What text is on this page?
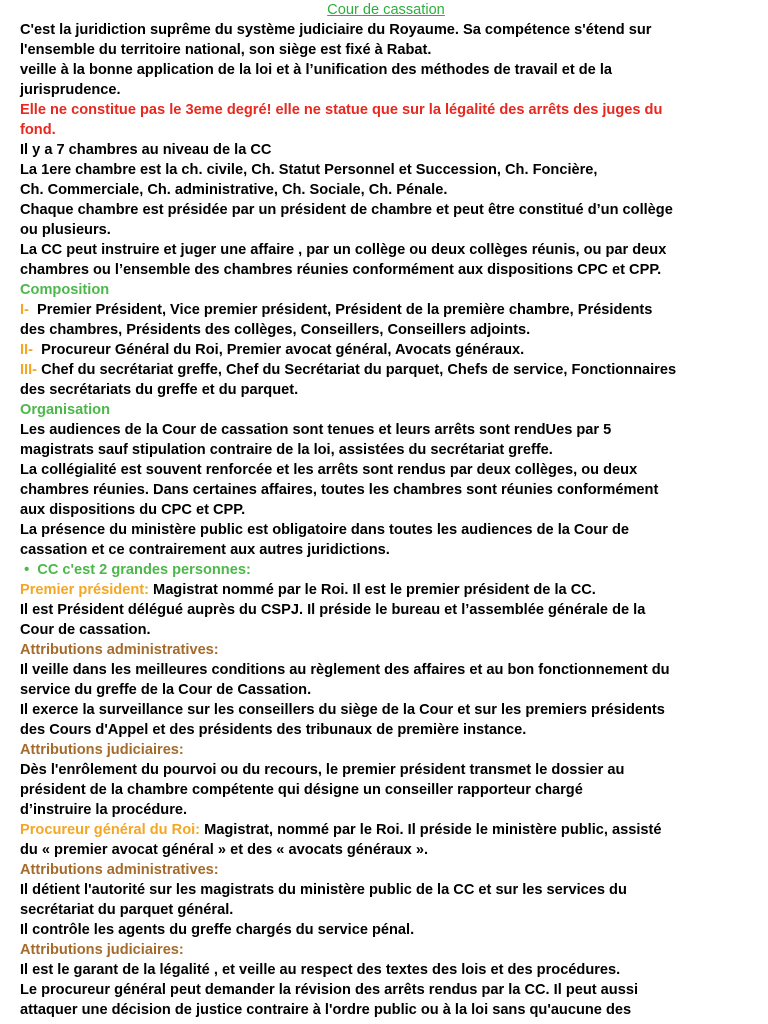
Cour de cassation
C'est la juridiction suprême du système judiciaire du Royaume. Sa compétence s'étend sur
l'ensemble du territoire national, son siège est fixé à Rabat.
veille à la bonne application de la loi et à l’unification des méthodes de travail et de la
jurisprudence.
Elle ne constitue pas le 3eme degré! elle ne statue que sur la légalité des arrêts des juges du
fond.
Il y a 7 chambres au niveau de la CC
La 1ere chambre est la ch. civile, Ch. Statut Personnel et Succession, Ch. Foncière,
Ch. Commerciale, Ch. administrative, Ch. Sociale, Ch. Pénale.
Chaque chambre est présidée par un président de chambre et peut être constitué d’un collège
ou plusieurs.
La CC peut instruire et juger une affaire , par un collège ou deux collèges réunis, ou par deux
chambres ou l’ensemble des chambres réunies conformément aux dispositions CPC et CPP.
Composition
I- Premier Président, Vice premier président, Président de la première chambre, Présidents
des chambres, Présidents des collèges, Conseillers, Conseillers adjoints.
II- Procureur Général du Roi, Premier avocat général, Avocats généraux.
III- Chef du secrétariat greffe, Chef du Secrétariat du parquet, Chefs de service, Fonctionnaires
des secrétariats du greffe et du parquet.
Organisation
Les audiences de la Cour de cassation sont tenues et leurs arrêts sont rendUes par 5
magistrats sauf stipulation contraire de la loi, assistées du secrétariat greffe.
La collégialité est souvent renforcée et les arrêts sont rendus par deux collèges, ou deux
chambres réunies. Dans certaines affaires, toutes les chambres sont réunies conformément
aux dispositions du CPC et CPP.
La présence du ministère public est obligatoire dans toutes les audiences de la Cour de
cassation et ce contrairement aux autres juridictions.
• CC c'est 2 grandes personnes:
Premier président: Magistrat nommé par le Roi. Il est le premier président de la CC.
Il est Président délégué auprès du CSPJ. Il préside le bureau et l’assemblée générale de la
Cour de cassation.
Attributions administratives:
Il veille dans les meilleures conditions au règlement des affaires et au bon fonctionnement du
service du greffe de la Cour de Cassation.
Il exerce la surveillance sur les conseillers du siège de la Cour et sur les premiers présidents
des Cours d'Appel et des présidents des tribunaux de première instance.
Attributions judiciaires:
Dès l'enrôlement du pourvoi ou du recours, le premier président transmet le dossier au
président de la chambre compétente qui désigne un conseiller rapporteur chargé
d’instruire la procédure.
Procureur général du Roi: Magistrat, nommé par le Roi. Il préside le ministère public, assisté
du « premier avocat général » et des « avocats généraux ».
Attributions administratives:
Il détient l'autorité sur les magistrats du ministère public de la CC et sur les services du
secrétariat du parquet général.
Il contrôle les agents du greffe chargés du service pénal.
Attributions judiciaires:
Il est le garant de la légalité , et veille au respect des textes des lois et des procédures.
Le procureur général peut demander la révision des arrêts rendus par la CC. Il peut aussi
attaquer une décision de justice contraire à l'ordre public ou à la loi sans qu'aucune des
